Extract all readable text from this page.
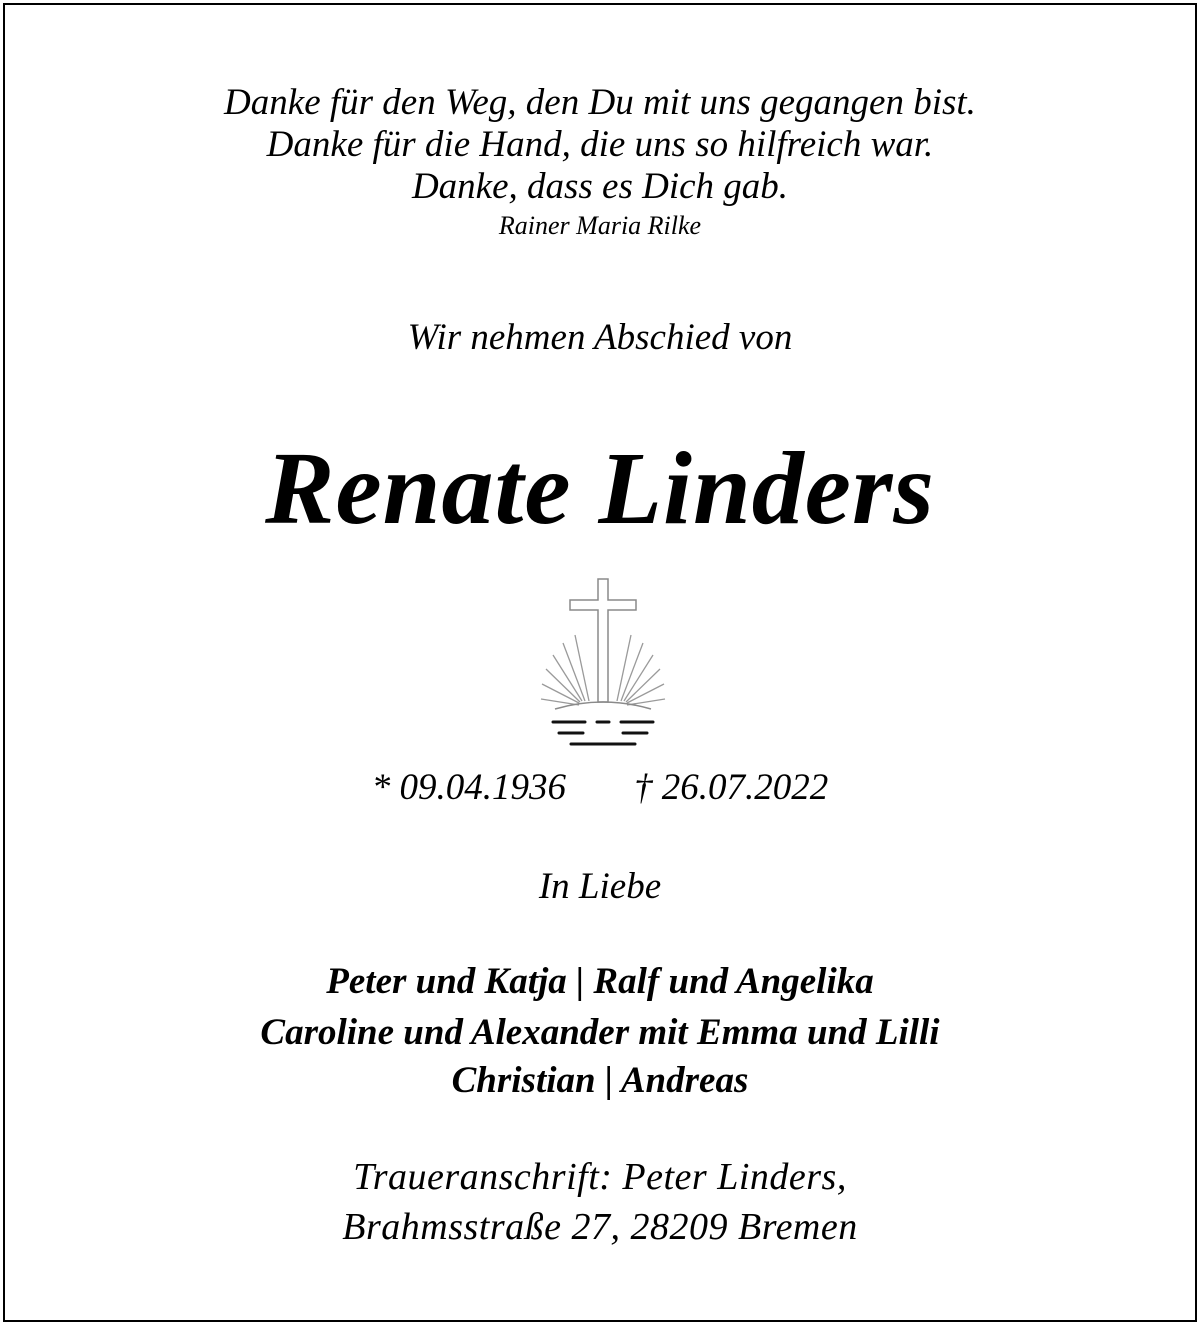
Danke für den Weg, den Du mit uns gegangen bist.
Danke für die Hand, die uns so hilfreich war.
Danke, dass es Dich gab.
Rainer Maria Rilke
Wir nehmen Abschied von
Renate Linders
* 09.04.1936 † 26.07.2022
In Liebe
Peter und Katja | Ralf und Angelika
Caroline und Alexander mit Emma und Lilli
Christian | Andreas
Traueranschrift: Peter Linders,
Brahmsstraße 27, 28209 Bremen
